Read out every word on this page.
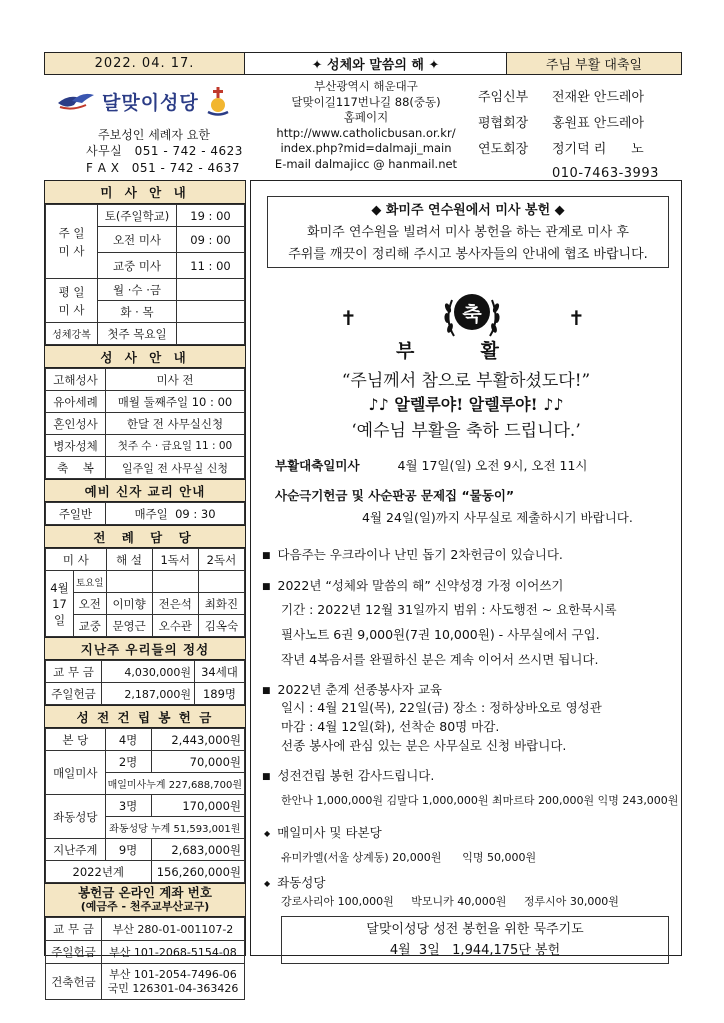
2022. 04. 17.	✦ 성체와 말씀의 해 ✦	주님 부활 대축일
달맞이성당
주보성인 세례자 요한
사무실 051 - 742 - 4623
F A X 051 - 742 - 4637
부산광역시 해운대구
달맞이길117번나길 88(중동)
홈페이지
http://www.catholicbusan.or.kr/
index.php?mid=dalmaji_main
E-mail dalmajicc @ hanmail.net
주임신부	전재완 안드레아
평협회장	홍원표 안드레아
연도회장	정기덕 리      노
010-7463-3993
미 사 안 내
주 일
미 사	토(주일학교)	19 : 00
	오전 미사	09 : 00
	교중 미사	11 : 00
평 일
미 사	월 ·수 ·금	
	화 · 목	
성체강복	첫주 목요일	
성 사 안 내
고해성사	미사 전
유아세례	매월 둘째주일 10 : 00
혼인성사	한달 전 사무실신청
병자성체	첫주 수 · 금요일 11 : 00
축    복	일주일 전 사무실 신청
예비 신자 교리 안내
주일반	매주일  09 : 30
전 례 담 당
미 사		해 설	1독서	2독서
4월
17일	토요일			
	오전	이미향	전은석	최화진
	교중	문영근	오수관	김옥숙
지난주 우리들의 정성
교 무 금	4,030,000원	34세대
주일헌금	2,187,000원	189명
성 전 건 립 봉 헌 금
본 당	4명	2,443,000원
매일미사	2명	70,000원
	매일미사누계 227,688,700원	
좌동성당	3명	170,000원
	좌동성당 누계 51,593,001원	
지난주계	9명	2,683,000원
2022년계		156,260,000원
봉헌금 온라인 계좌 번호
(예금주 - 천주교부산교구)
교 무 금	부산 280-01-001107-2
주일헌금	부산 101-2068-5154-08
건축헌금	부산 101-2054-7496-06
국민 126301-04-363426
◆ 화미주 연수원에서 미사 봉헌 ◆
화미주 연수원을 빌려서 미사 봉헌을 하는 관계로 미사 후
주위를 깨끗이 정리해 주시고 봉사자들의 안내에 협조 바랍니다.
✝	✝
축
부          활
“주님께서 참으로 부활하셨도다!”
♪♪ 알렐루야! 알렐루야! ♪♪
‘예수님 부활을 축하 드립니다.’
부활대축일미사	4월 17일(일) 오전 9시, 오전 11시
사순극기헌금 및 사순판공 문제집 “물동이”
4월 24일(일)까지 사무실로 제출하시기 바랍니다.
■ 다음주는 우크라이나 난민 돕기 2차헌금이 있습니다.
■ 2022년 “성체와 말씀의 해” 신약성경 가정 이어쓰기
기간 : 2022년 12월 31일까지 범위 : 사도행전 ~ 요한묵시록
필사노트 6권 9,000원(7권 10,000원) - 사무실에서 구입.
작년 4복음서를 완필하신 분은 계속 이어서 쓰시면 됩니다.
■ 2022년 춘계 선종봉사자 교육
일시 : 4월 21일(목), 22일(금) 장소 : 정하상바오로 영성관
마감 : 4월 12일(화), 선착순 80명 마감.
선종 봉사에 관심 있는 분은 사무실로 신청 바랍니다.
■ 성전건립 봉헌 감사드립니다.
한안나 1,000,000원 김말다 1,000,000원 최마르타 200,000원 익명 243,000원
◆ 매일미사 및 타본당
유미카엘(서울 상계동) 20,000원      익명 50,000원
◆ 좌동성당
강로사리아 100,000원     박모니카 40,000원     정루시아 30,000원
달맞이성당 성전 봉헌을 위한 묵주기도
4월  3일   1,944,175단 봉헌
